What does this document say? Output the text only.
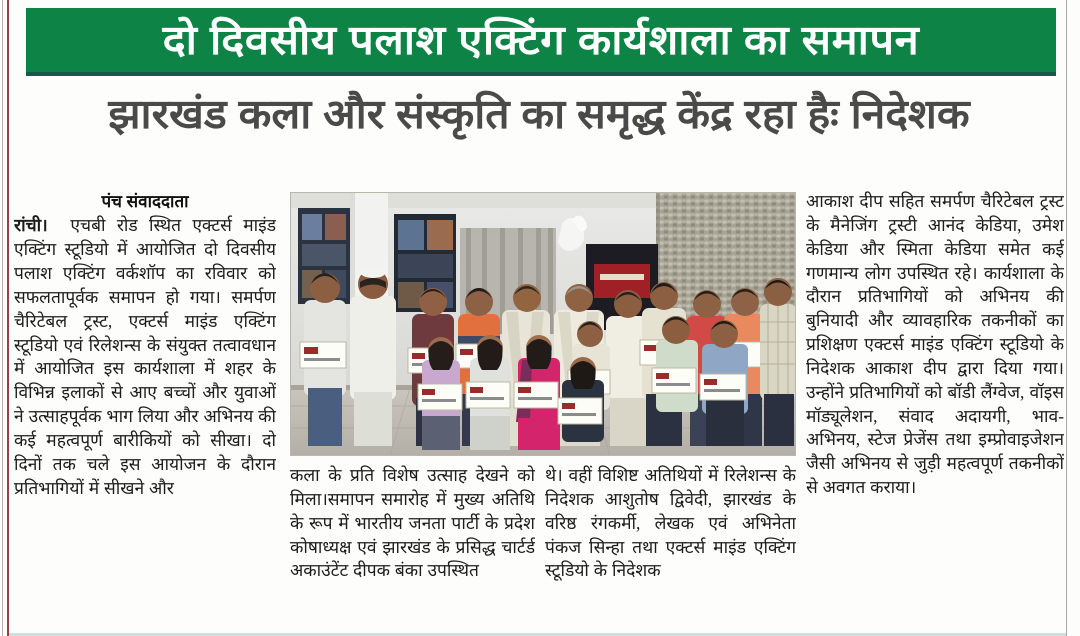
दो दिवसीय पलाश एक्टिंग कार्यशाला का समापन
झारखंड कला और संस्कृति का समृद्ध केंद्र रहा हैः निदेशक
पंच संवाददाता

रांची। एचबी रोड स्थित एक्टर्स माइंड एक्टिंग स्टूडियो में आयोजित दो दिवसीय पलाश एक्टिंग वर्कशॉप का रविवार को सफलतापूर्वक समापन हो गया। समर्पण चैरिटेबल ट्रस्ट, एक्टर्स माइंड एक्टिंग स्टूडियो एवं रिलेशन्स के संयुक्त तत्वावधान में आयोजित इस कार्यशाला में शहर के विभिन्न इलाकों से आए बच्चों और युवाओं ने उत्साहपूर्वक भाग लिया और अभिनय की कई महत्वपूर्ण बारीकियों को सीखा। दो दिनों तक चले इस आयोजन के दौरान प्रतिभागियों में सीखने और

कला के प्रति विशेष उत्साह देखने को मिला।समापन समारोह में मुख्य अतिथि के रूप में भारतीय जनता पार्टी के प्रदेश कोषाध्यक्ष एवं झारखंड के प्रसिद्ध चार्टर्ड अकाउंटेंट दीपक बंका उपस्थित

थे। वहीं विशिष्ट अतिथियों में रिलेशन्स के निदेशक आशुतोष द्विवेदी, झारखंड के वरिष्ठ रंगकर्मी, लेखक एवं अभिनेता पंकज सिन्हा तथा एक्टर्स माइंड एक्टिंग स्टूडियो के निदेशक

आकाश दीप सहित समर्पण चैरिटेबल ट्रस्ट के मैनेजिंग ट्रस्टी आनंद केडिया, उमेश केडिया और स्मिता केडिया समेत कई गणमान्य लोग उपस्थित रहे। कार्यशाला के दौरान प्रतिभागियों को अभिनय की बुनियादी और व्यावहारिक तकनीकों का प्रशिक्षण एक्टर्स माइंड एक्टिंग स्टूडियो के निदेशक आकाश दीप द्वारा दिया गया। उन्होंने प्रतिभागियों को बॉडी लैंग्वेज, वॉइस मॉड्यूलेशन, संवाद अदायगी, भाव-अभिनय, स्टेज प्रेजेंस तथा इम्प्रोवाइजेशन जैसी अभिनय से जुड़ी महत्वपूर्ण तकनीकों से अवगत कराया।
